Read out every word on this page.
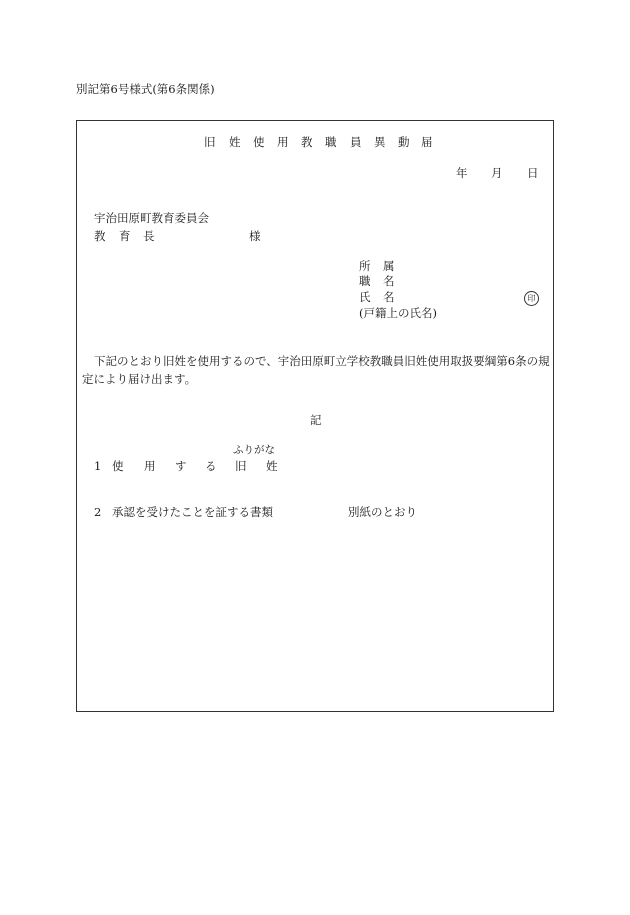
別記第6号様式(第6条関係)
旧 姓 使 用 教 職 員 異 動 届
年 月 日
宇治田原町教育委員会
教 育 長	様
所 属
職 名
氏 名
(戸籍上の氏名)
印
下記のとおり旧姓を使用するので、宇治田原町立学校教職員旧姓使用取扱要綱第6条の規定により届け出ます。
記
ふりがな
1 使 用 す る 旧 姓
2 承認を受けたことを証する書類	別紙のとおり
